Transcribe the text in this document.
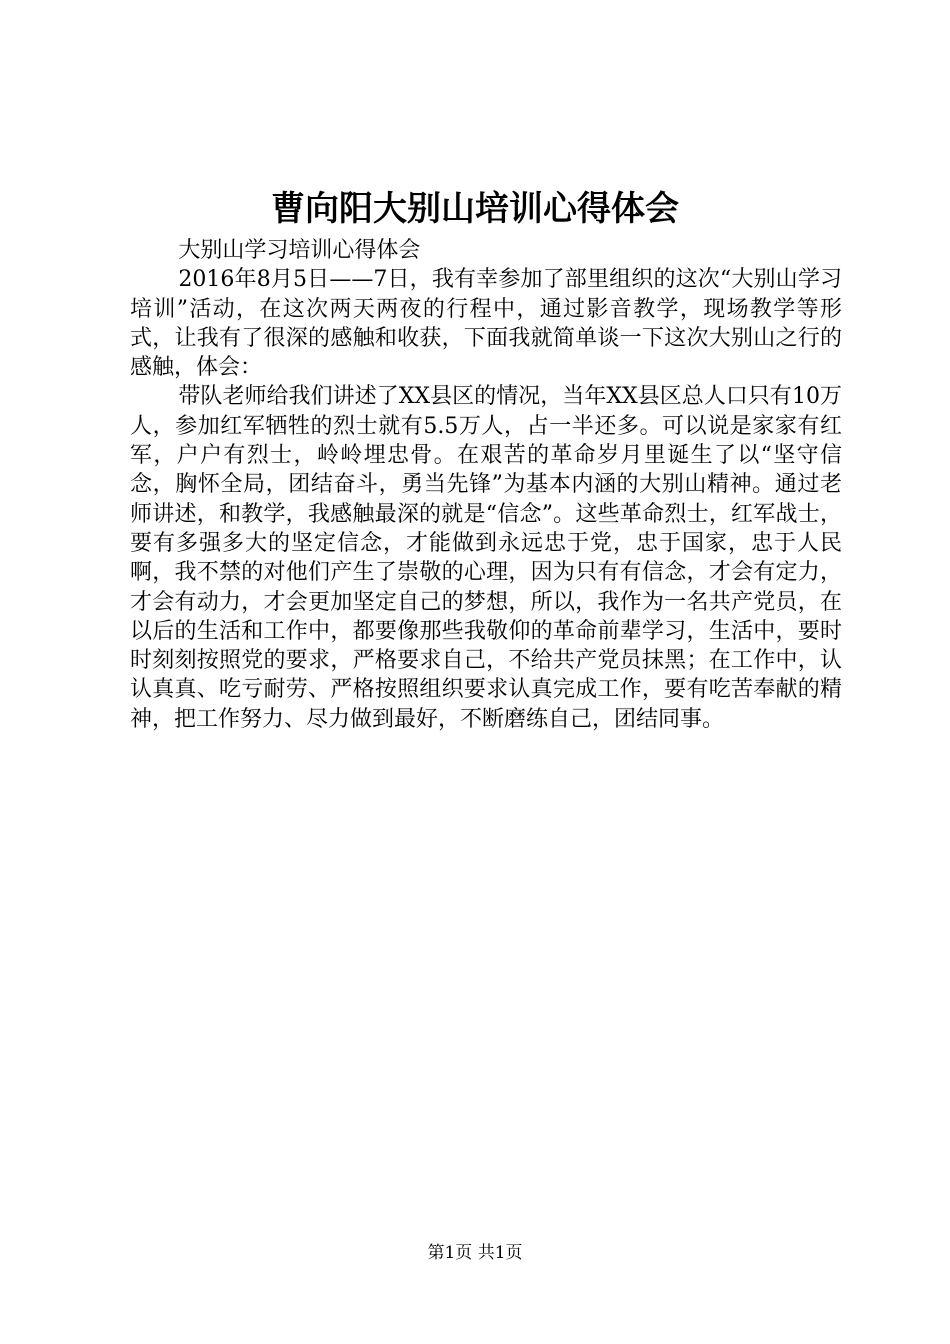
曹向阳大别山培训心得体会

大别山学习培训心得体会

2016年8月5日——7日，我有幸参加了部里组织的这次“大别山学习培训”活动，在这次两天两夜的行程中，通过影音教学，现场教学等形式，让我有了很深的感触和收获，下面我就简单谈一下这次大别山之行的感触，体会：

带队老师给我们讲述了XX县区的情况，当年XX县区总人口只有10万人，参加红军牺牲的烈士就有5.5万人，占一半还多。可以说是家家有红军，户户有烈士，岭岭埋忠骨。在艰苦的革命岁月里诞生了以“坚守信念，胸怀全局，团结奋斗，勇当先锋”为基本内涵的大别山精神。通过老师讲述，和教学，我感触最深的就是“信念”。这些革命烈士，红军战士，要有多强多大的坚定信念，才能做到永远忠于党，忠于国家，忠于人民啊，我不禁的对他们产生了崇敬的心理，因为只有有信念，才会有定力，才会有动力，才会更加坚定自己的梦想，所以，我作为一名共产党员，在以后的生活和工作中，都要像那些我敬仰的革命前辈学习，生活中，要时时刻刻按照党的要求，严格要求自己，不给共产党员抹黑；在工作中，认认真真、吃亏耐劳、严格按照组织要求认真完成工作，要有吃苦奉献的精神，把工作努力、尽力做到最好，不断磨练自己，团结同事。

第1页 共1页
